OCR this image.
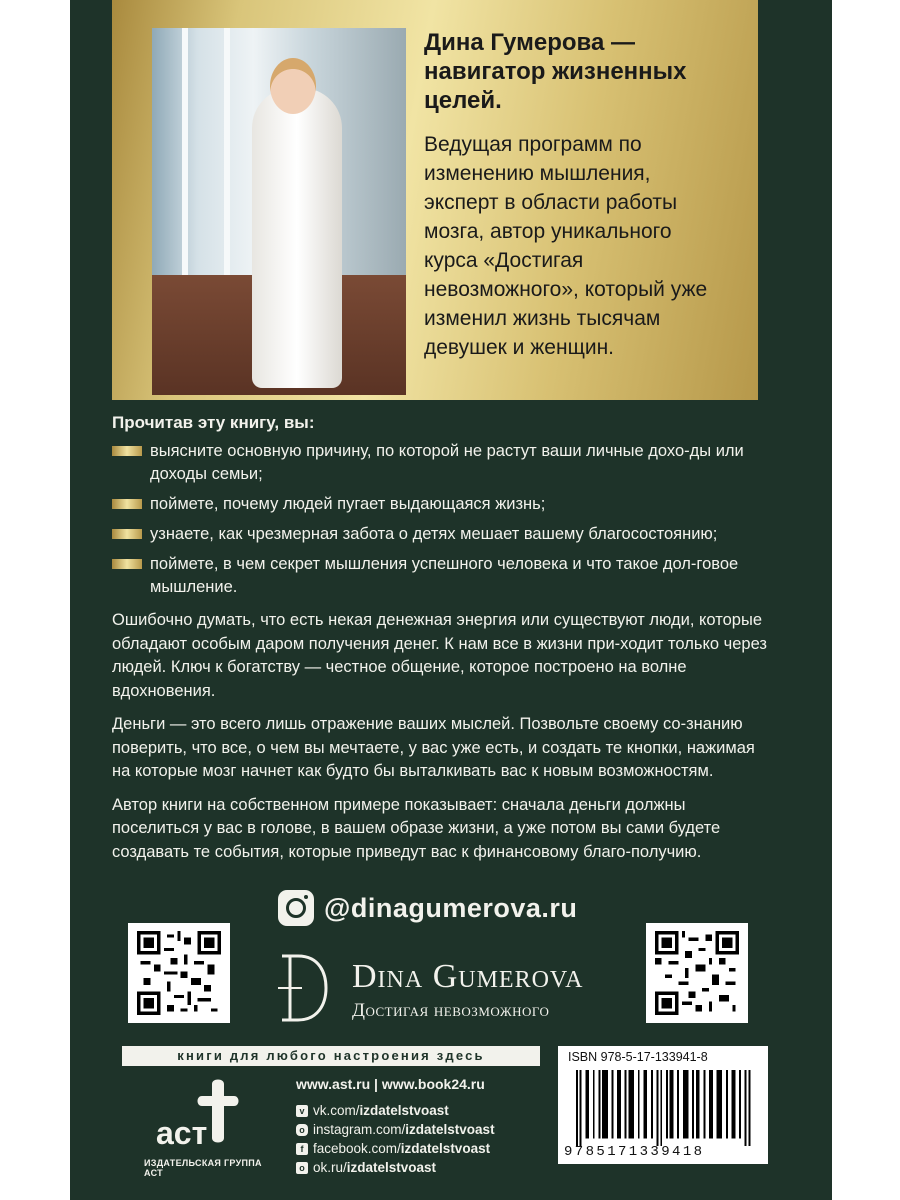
Дина Гумерова — навигатор жизненных целей.
Ведущая программ по изменению мышления, эксперт в области работы мозга, автор уникального курса «Достигая невозможного», который уже изменил жизнь тысячам девушек и женщин.
Прочитав эту книгу, вы:
выясните основную причину, по которой не растут ваши личные дохо-ды или доходы семьи;
поймете, почему людей пугает выдающаяся жизнь;
узнаете, как чрезмерная забота о детях мешает вашему благосостоянию;
поймете, в чем секрет мышления успешного человека и что такое дол-говое мышление.

Ошибочно думать, что есть некая денежная энергия или существуют люди, которые обладают особым даром получения денег. К нам все в жизни при-ходит только через людей. Ключ к богатству — честное общение, которое построено на волне вдохновения.

Деньги — это всего лишь отражение ваших мыслей. Позвольте своему со-знанию поверить, что все, о чем вы мечтаете, у вас уже есть, и создать те кнопки, нажимая на которые мозг начнет как будто бы выталкивать вас к новым возможностям.

Автор книги на собственном примере показывает: сначала деньги должны поселиться у вас в голове, в вашем образе жизни, а уже потом вы сами будете создавать те события, которые приведут вас к финансовому благо-получию.

@dinagumerova.ru
Dina Gumerova
Достигая невозможного
книги для любого настроения здесь
аст
ИЗДАТЕЛЬСКАЯ ГРУППА АСТ
www.ast.ru | www.book24.ru
v vk.com/ izdatelstvoast
o instagram.com/ izdatelstvoast
f facebook.com/ izdatelstvoast
о ok.ru/ izdatelstvoast
ISBN 978-5-17-133941-8
9785171339418
